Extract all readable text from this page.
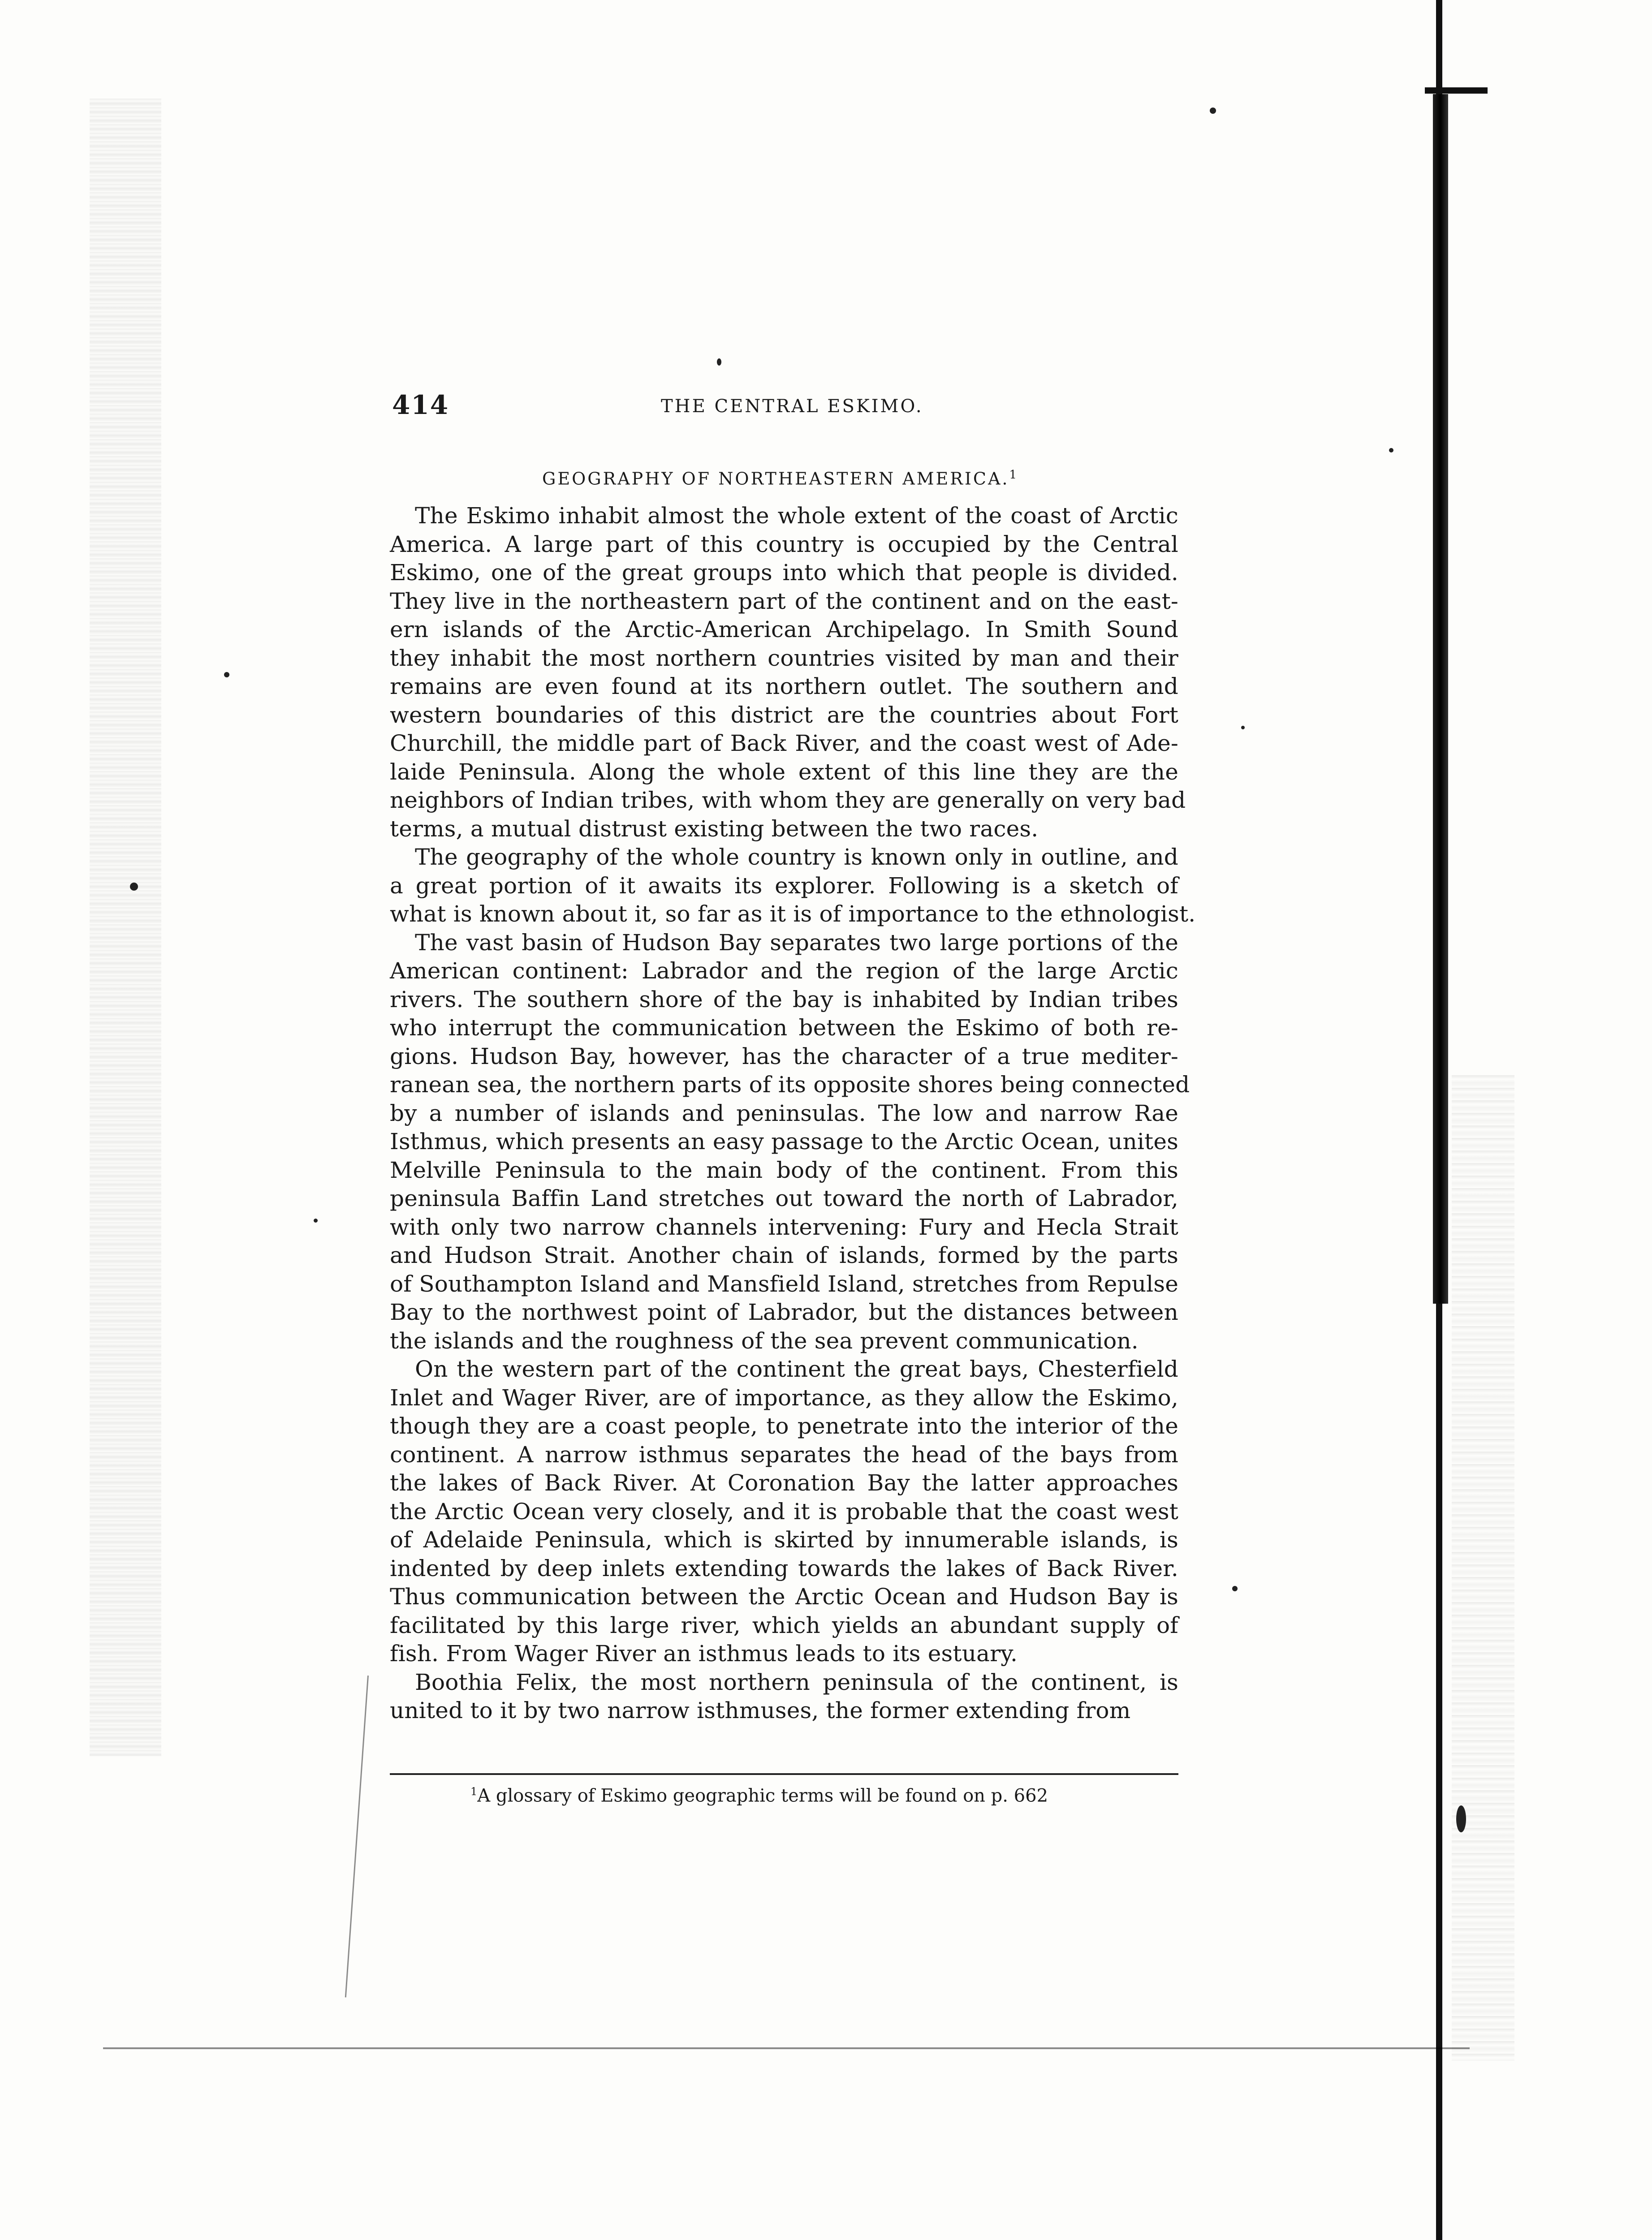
414	THE CENTRAL ESKIMO.
GEOGRAPHY OF NORTHEASTERN AMERICA.$^1$
The Eskimo inhabit almost the whole extent of the coast of Arctic
America. A large part of this country is occupied by the Central
Eskimo, one of the great groups into which that people is divided.
They live in the northeastern part of the continent and on the east-
ern islands of the Arctic-American Archipelago. In Smith Sound
they inhabit the most northern countries visited by man and their
remains are even found at its northern outlet. The southern and
western boundaries of this district are the countries about Fort
Churchill, the middle part of Back River, and the coast west of Ade-
laide Peninsula. Along the whole extent of this line they are the
neighbors of Indian tribes, with whom they are generally on very bad
terms, a mutual distrust existing between the two races.
The geography of the whole country is known only in outline, and
a great portion of it awaits its explorer. Following is a sketch of
what is known about it, so far as it is of importance to the ethnologist.
The vast basin of Hudson Bay separates two large portions of the
American continent: Labrador and the region of the large Arctic
rivers. The southern shore of the bay is inhabited by Indian tribes
who interrupt the communication between the Eskimo of both re-
gions. Hudson Bay, however, has the character of a true mediter-
ranean sea, the northern parts of its opposite shores being connected
by a number of islands and peninsulas. The low and narrow Rae
Isthmus, which presents an easy passage to the Arctic Ocean, unites
Melville Peninsula to the main body of the continent. From this
peninsula Baffin Land stretches out toward the north of Labrador,
with only two narrow channels intervening: Fury and Hecla Strait
and Hudson Strait. Another chain of islands, formed by the parts
of Southampton Island and Mansfield Island, stretches from Repulse
Bay to the northwest point of Labrador, but the distances between
the islands and the roughness of the sea prevent communication.
On the western part of the continent the great bays, Chesterfield
Inlet and Wager River, are of importance, as they allow the Eskimo,
though they are a coast people, to penetrate into the interior of the
continent. A narrow isthmus separates the head of the bays from
the lakes of Back River. At Coronation Bay the latter approaches
the Arctic Ocean very closely, and it is probable that the coast west
of Adelaide Peninsula, which is skirted by innumerable islands, is
indented by deep inlets extending towards the lakes of Back River.
Thus communication between the Arctic Ocean and Hudson Bay is
facilitated by this large river, which yields an abundant supply of
fish. From Wager River an isthmus leads to its estuary.
Boothia Felix, the most northern peninsula of the continent, is
united to it by two narrow isthmuses, the former extending from
$^1$A glossary of Eskimo geographic terms will be found on p. 662
